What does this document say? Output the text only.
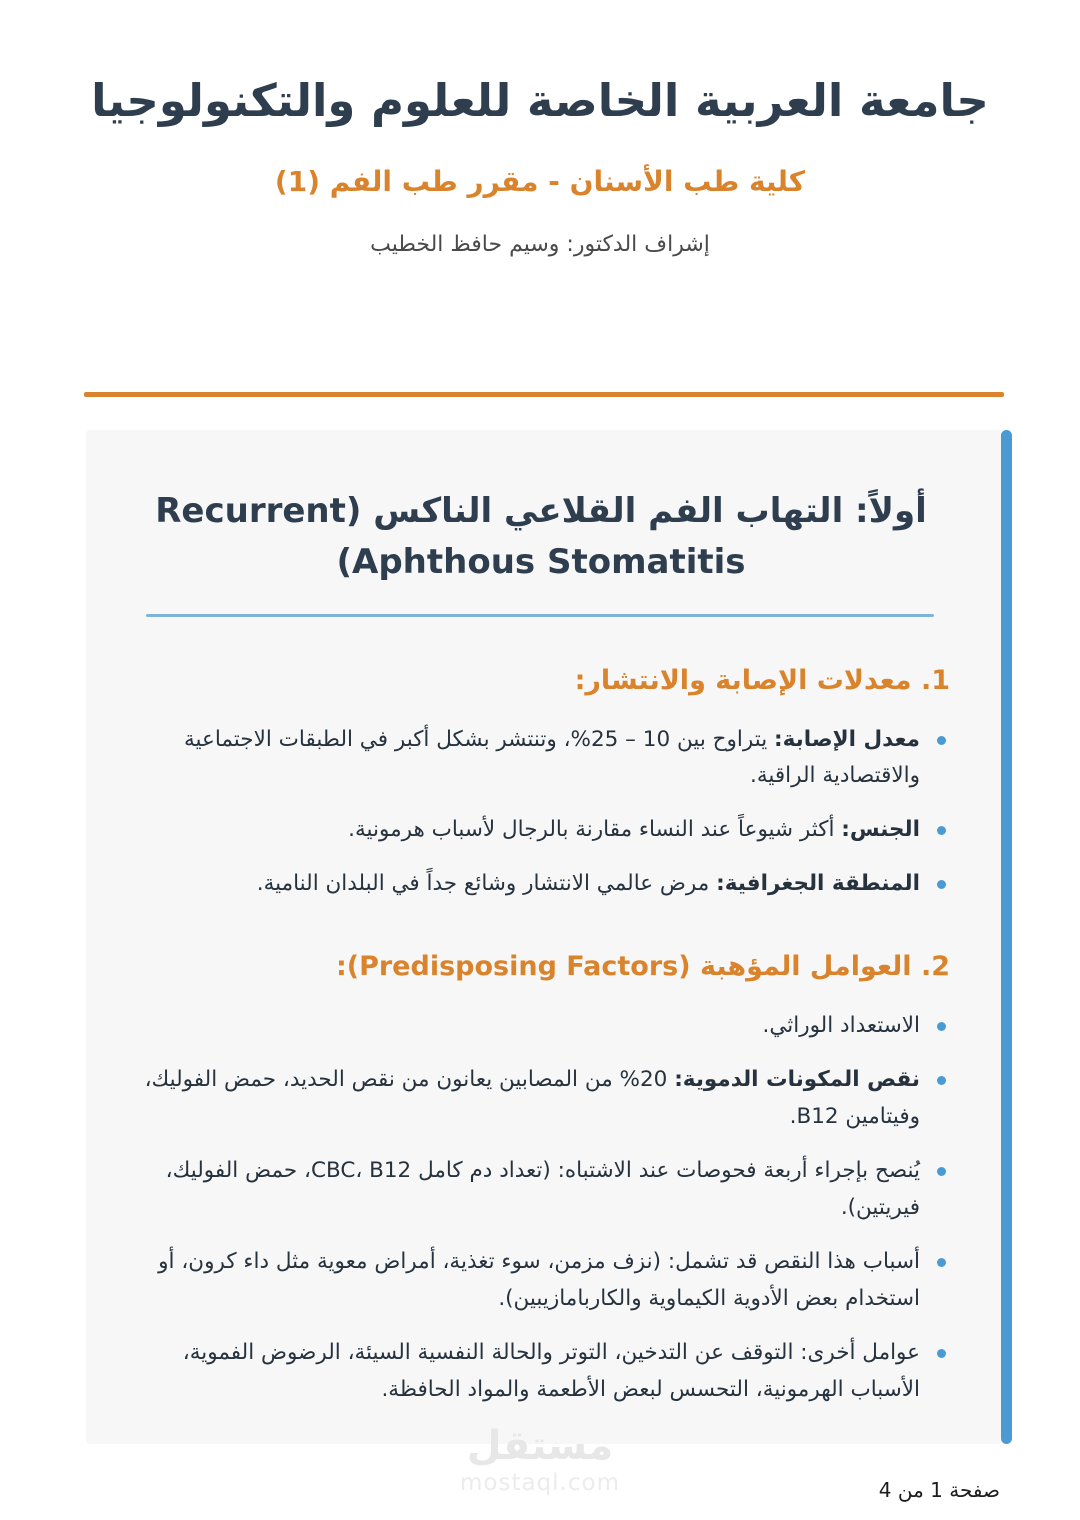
جامعة العربية الخاصة للعلوم والتكنولوجيا
كلية طب الأسنان - مقرر طب الفم (1)
إشراف الدكتور: وسيم حافظ الخطيب
أولاً: التهاب الفم القلاعي الناكس (Recurrent Aphthous Stomatitis)
1. معدلات الإصابة والانتشار:
معدل الإصابة: يتراوح بين 10 – 25%، وتنتشر بشكل أكبر في الطبقات الاجتماعية والاقتصادية الراقية.
الجنس: أكثر شيوعاً عند النساء مقارنة بالرجال لأسباب هرمونية.
المنطقة الجغرافية: مرض عالمي الانتشار وشائع جداً في البلدان النامية.
2. العوامل المؤهبة (Predisposing Factors):
الاستعداد الوراثي.
نقص المكونات الدموية: 20% من المصابين يعانون من نقص الحديد، حمض الفوليك، وفيتامين B12.
يُنصح بإجراء أربعة فحوصات عند الاشتباه: (تعداد دم كامل CBC، B12، حمض الفوليك، فيريتين).
أسباب هذا النقص قد تشمل: (نزف مزمن، سوء تغذية، أمراض معوية مثل داء كرون، أو استخدام بعض الأدوية الكيماوية والكاربامازيبين).
عوامل أخرى: التوقف عن التدخين، التوتر والحالة النفسية السيئة، الرضوض الفموية، الأسباب الهرمونية، التحسس لبعض الأطعمة والمواد الحافظة.
مستقل
mostaql.com	صفحة 1 من 4
